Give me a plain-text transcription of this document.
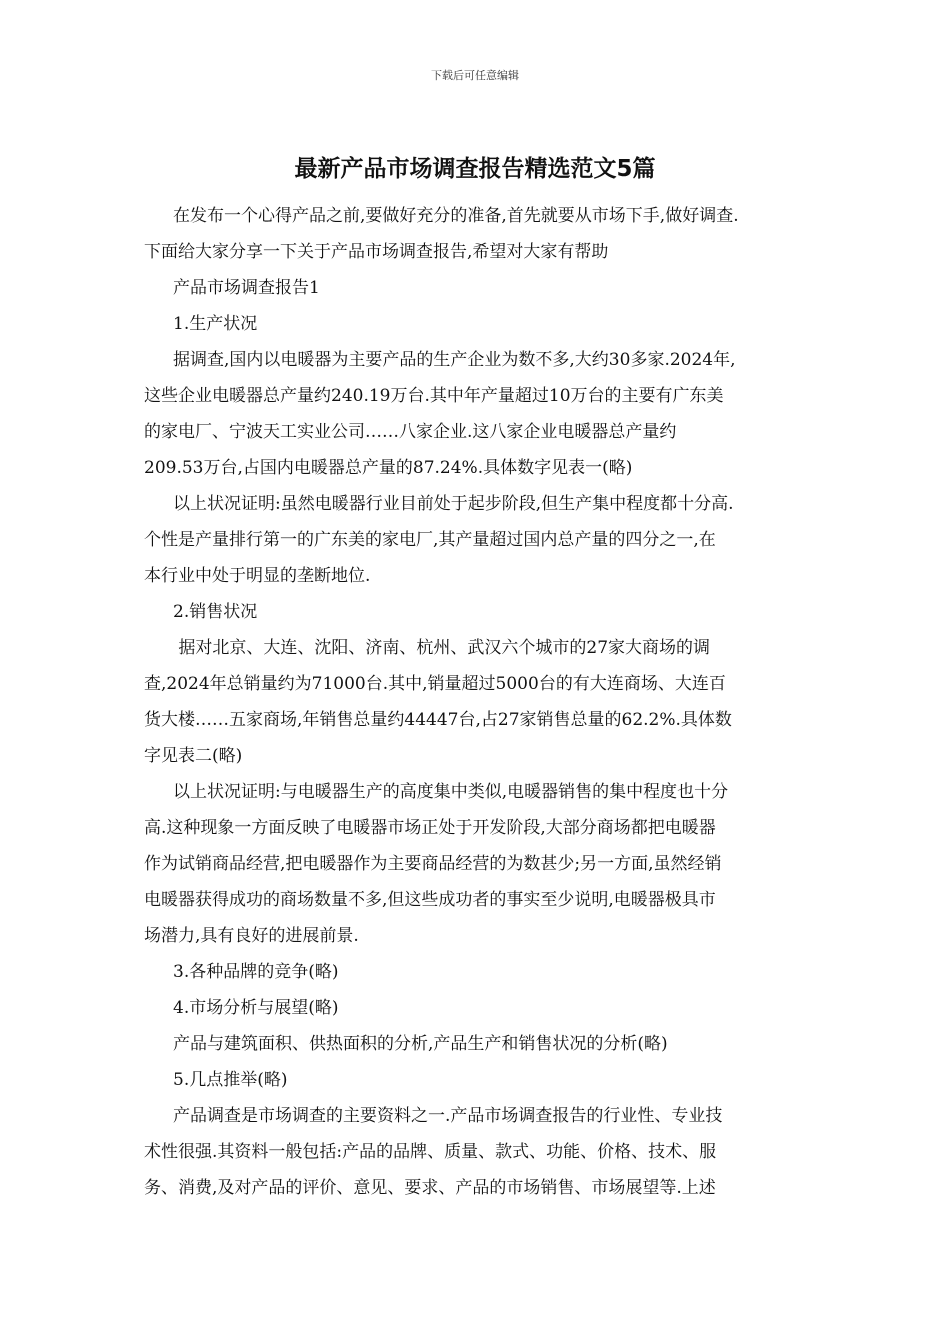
下载后可任意编辑
最新产品市场调查报告精选范文5篇

在发布一个心得产品之前,要做好充分的准备,首先就要从市场下手,做好调查.

下面给大家分享一下关于产品市场调查报告,希望对大家有帮助

产品市场调查报告1

1.生产状况

据调查,国内以电暖器为主要产品的生产企业为数不多,大约30多家.2024年,

这些企业电暖器总产量约240.19万台.其中年产量超过10万台的主要有广东美

的家电厂、宁波天工实业公司……八家企业.这八家企业电暖器总产量约

209.53万台,占国内电暖器总产量的87.24%.具体数字见表一(略)

以上状况证明:虽然电暖器行业目前处于起步阶段,但生产集中程度都十分高.

个性是产量排行第一的广东美的家电厂,其产量超过国内总产量的四分之一,在

本行业中处于明显的垄断地位.

2.销售状况

据对北京、大连、沈阳、济南、杭州、武汉六个城市的27家大商场的调

查,2024年总销量约为71000台.其中,销量超过5000台的有大连商场、大连百

货大楼……五家商场,年销售总量约44447台,占27家销售总量的62.2%.具体数

字见表二(略)

以上状况证明:与电暖器生产的高度集中类似,电暖器销售的集中程度也十分

高.这种现象一方面反映了电暖器市场正处于开发阶段,大部分商场都把电暖器

作为试销商品经营,把电暖器作为主要商品经营的为数甚少;另一方面,虽然经销

电暖器获得成功的商场数量不多,但这些成功者的事实至少说明,电暖器极具市

场潜力,具有良好的进展前景.

3.各种品牌的竞争(略)

4.市场分析与展望(略)

产品与建筑面积、供热面积的分析,产品生产和销售状况的分析(略)

5.几点推举(略)

产品调查是市场调查的主要资料之一.产品市场调查报告的行业性、专业技

术性很强.其资料一般包括:产品的品牌、质量、款式、功能、价格、技术、服

务、消费,及对产品的评价、意见、要求、产品的市场销售、市场展望等.上述
